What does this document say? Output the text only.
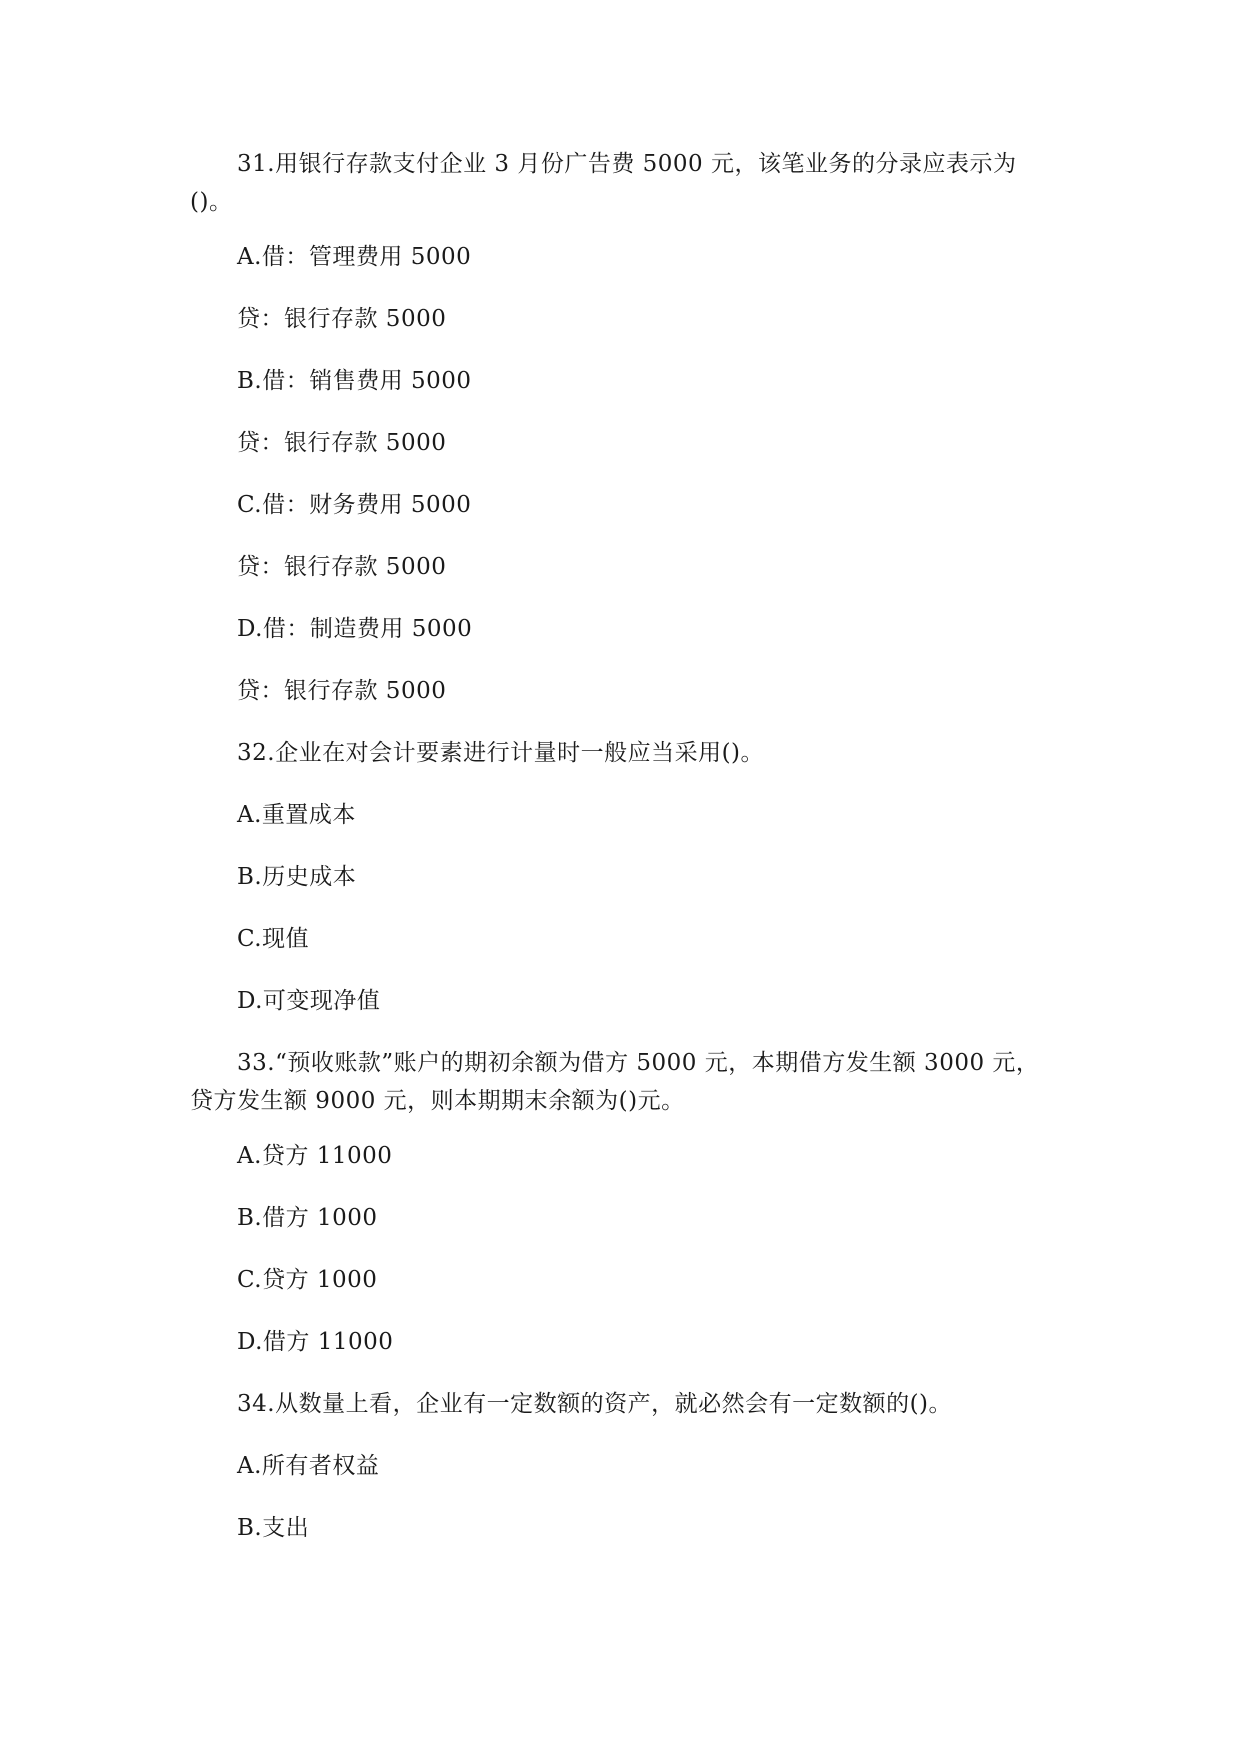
31.用银行存款支付企业 3 月份广告费 5000 元，该笔业务的分录应表示为
()。
A.借：管理费用 5000
贷：银行存款 5000
B.借：销售费用 5000
贷：银行存款 5000
C.借：财务费用 5000
贷：银行存款 5000
D.借：制造费用 5000
贷：银行存款 5000
32.企业在对会计要素进行计量时一般应当采用()。
A.重置成本
B.历史成本
C.现值
D.可变现净值
33.“预收账款”账户的期初余额为借方 5000 元，本期借方发生额 3000 元，
贷方发生额 9000 元，则本期期末余额为()元。
A.贷方 11000
B.借方 1000
C.贷方 1000
D.借方 11000
34.从数量上看，企业有一定数额的资产，就必然会有一定数额的()。
A.所有者权益
B.支出
